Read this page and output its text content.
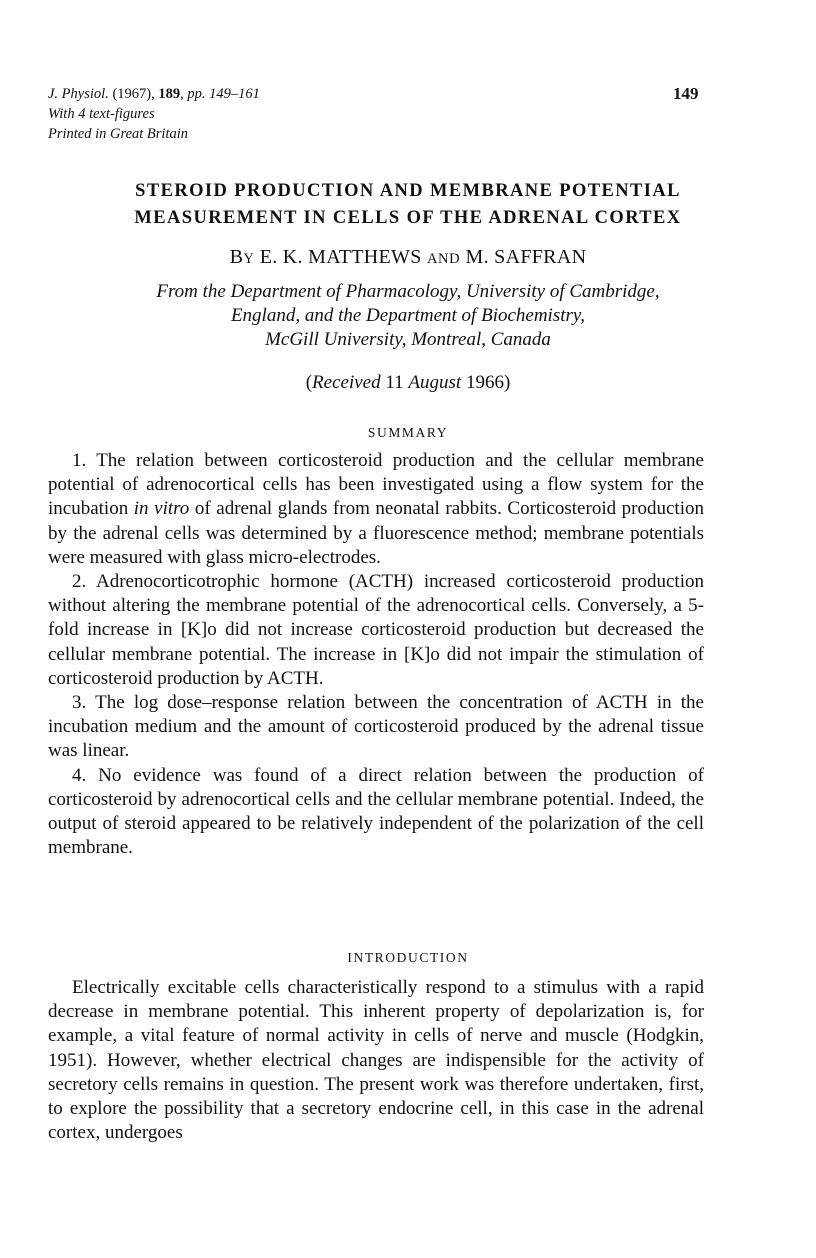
J. Physiol. (1967), 189, pp. 149–161
With 4 text-figures
Printed in Great Britain
149
STEROID PRODUCTION AND MEMBRANE POTENTIAL
MEASUREMENT IN CELLS OF THE ADRENAL CORTEX
BY E. K. MATTHEWS AND M. SAFFRAN
From the Department of Pharmacology, University of Cambridge,
England, and the Department of Biochemistry,
McGill University, Montreal, Canada
(Received 11 August 1966)
SUMMARY

1. The relation between corticosteroid production and the cellular membrane potential of adrenocortical cells has been investigated using a flow system for the incubation in vitro of adrenal glands from neonatal rabbits. Corticosteroid production by the adrenal cells was determined by a fluorescence method; membrane potentials were measured with glass micro-electrodes.

2. Adrenocorticotrophic hormone (ACTH) increased corticosteroid production without altering the membrane potential of the adrenocortical cells. Conversely, a 5-fold increase in [K]o did not increase corticosteroid production but decreased the cellular membrane potential. The increase in [K]o did not impair the stimulation of corticosteroid production by ACTH.

3. The log dose–response relation between the concentration of ACTH in the incubation medium and the amount of corticosteroid produced by the adrenal tissue was linear.

4. No evidence was found of a direct relation between the production of corticosteroid by adrenocortical cells and the cellular membrane potential. Indeed, the output of steroid appeared to be relatively independent of the polarization of the cell membrane.

INTRODUCTION

Electrically excitable cells characteristically respond to a stimulus with a rapid decrease in membrane potential. This inherent property of depolarization is, for example, a vital feature of normal activity in cells of nerve and muscle (Hodgkin, 1951). However, whether electrical changes are indispensible for the activity of secretory cells remains in question. The present work was therefore undertaken, first, to explore the possibility that a secretory endocrine cell, in this case in the adrenal cortex, undergoes
